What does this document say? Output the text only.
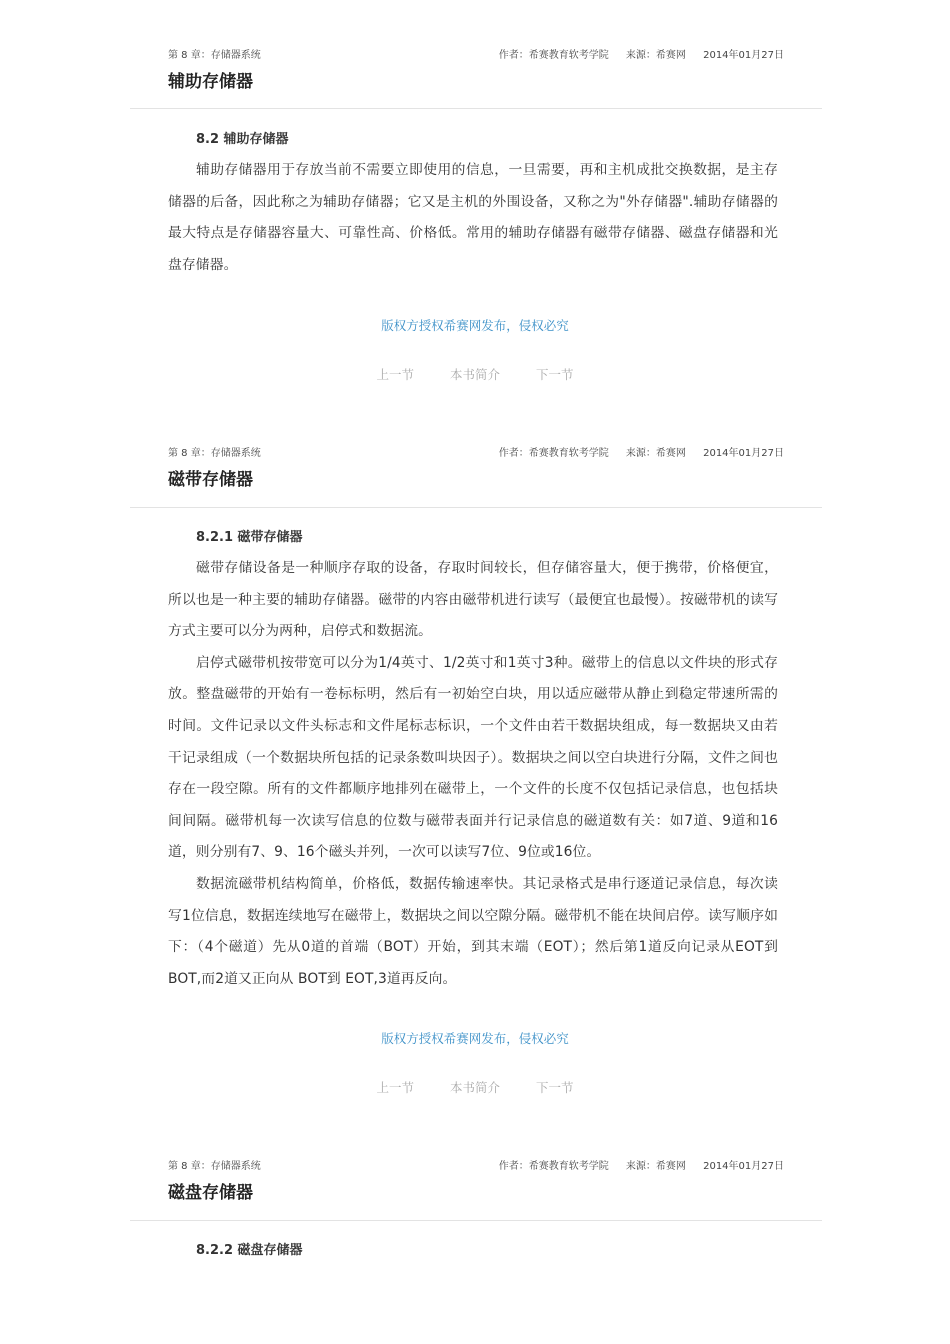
第 8 章：存储器系统	作者：希赛教育软考学院 来源：希赛网 2014年01月27日
辅助存储器
8.2 辅助存储器

辅助存储器用于存放当前不需要立即使用的信息，一旦需要，再和主机成批交换数据，是主存储器的后备，因此称之为辅助存储器；它又是主机的外围设备，又称之为"外存储器".辅助存储器的最大特点是存储器容量大、可靠性高、价格低。常用的辅助存储器有磁带存储器、磁盘存储器和光盘存储器。

版权方授权希赛网发布，侵权必究
上一节	本书简介	下一节
第 8 章：存储器系统	作者：希赛教育软考学院 来源：希赛网 2014年01月27日
磁带存储器
8.2.1 磁带存储器

磁带存储设备是一种顺序存取的设备，存取时间较长，但存储容量大，便于携带，价格便宜，所以也是一种主要的辅助存储器。磁带的内容由磁带机进行读写（最便宜也最慢）。按磁带机的读写方式主要可以分为两种，启停式和数据流。

启停式磁带机按带宽可以分为1/4英寸、1/2英寸和1英寸3种。磁带上的信息以文件块的形式存放。整盘磁带的开始有一卷标标明，然后有一初始空白块，用以适应磁带从静止到稳定带速所需的时间。文件记录以文件头标志和文件尾标志标识，一个文件由若干数据块组成，每一数据块又由若干记录组成（一个数据块所包括的记录条数叫块因子）。数据块之间以空白块进行分隔，文件之间也存在一段空隙。所有的文件都顺序地排列在磁带上，一个文件的长度不仅包括记录信息，也包括块间间隔。磁带机每一次读写信息的位数与磁带表面并行记录信息的磁道数有关：如7道、9道和16道，则分别有7、9、16个磁头并列，一次可以读写7位、9位或16位。

数据流磁带机结构简单，价格低，数据传输速率快。其记录格式是串行逐道记录信息，每次读写1位信息，数据连续地写在磁带上，数据块之间以空隙分隔。磁带机不能在块间启停。读写顺序如下：（4个磁道）先从0道的首端（BOT）开始，到其末端（EOT）；然后第1道反向记录从EOT到BOT,而2道又正向从 BOT到 EOT,3道再反向。

版权方授权希赛网发布，侵权必究
上一节	本书简介	下一节
第 8 章：存储器系统	作者：希赛教育软考学院 来源：希赛网 2014年01月27日
磁盘存储器
8.2.2 磁盘存储器
